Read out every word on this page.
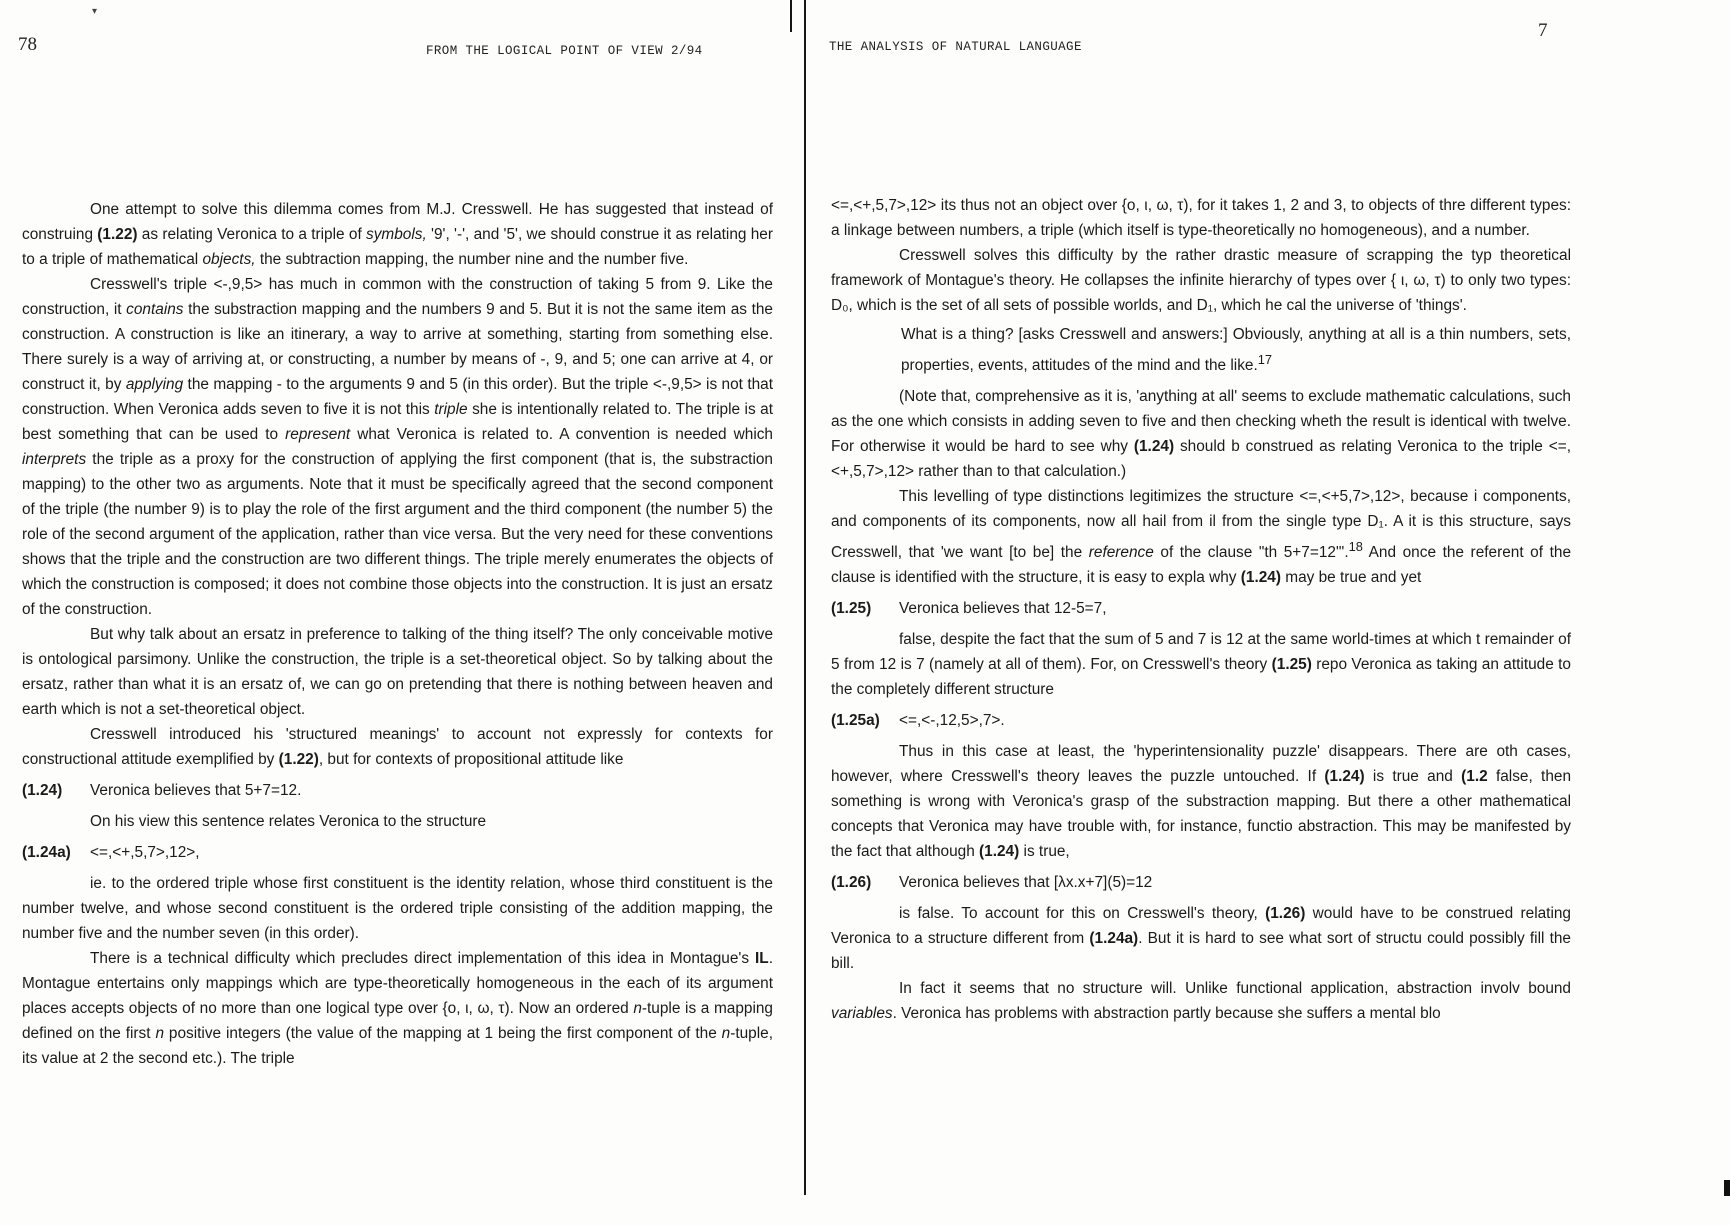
▾
78	FROM THE LOGICAL POINT OF VIEW 2/94

One attempt to solve this dilemma comes from M.J. Cresswell. He has suggested that instead of construing (1.22) as relating Veronica to a triple of symbols, '9', '-', and '5', we should construe it as relating her to a triple of mathematical objects, the subtraction mapping, the number nine and the number five.

Cresswell's triple <-,9,5> has much in common with the construction of taking 5 from 9. Like the construction, it contains the substraction mapping and the numbers 9 and 5. But it is not the same item as the construction. A construction is like an itinerary, a way to arrive at something, starting from something else. There surely is a way of arriving at, or constructing, a number by means of -, 9, and 5; one can arrive at 4, or construct it, by applying the mapping - to the arguments 9 and 5 (in this order). But the triple <-,9,5> is not that construction. When Veronica adds seven to five it is not this triple she is intentionally related to. The triple is at best something that can be used to represent what Veronica is related to. A convention is needed which interprets the triple as a proxy for the construction of applying the first component (that is, the substraction mapping) to the other two as arguments. Note that it must be specifically agreed that the second component of the triple (the number 9) is to play the role of the first argument and the third component (the number 5) the role of the second argument of the application, rather than vice versa. But the very need for these conventions shows that the triple and the construction are two different things. The triple merely enumerates the objects of which the construction is composed; it does not combine those objects into the construction. It is just an ersatz of the construction.

But why talk about an ersatz in preference to talking of the thing itself? The only conceivable motive is ontological parsimony. Unlike the construction, the triple is a set-theoretical object. So by talking about the ersatz, rather than what it is an ersatz of, we can go on pretending that there is nothing between heaven and earth which is not a set-theoretical object.

Cresswell introduced his 'structured meanings' to account not expressly for contexts for constructional attitude exemplified by (1.22), but for contexts of propositional attitude like

(1.24)	Veronica believes that 5+7=12.

On his view this sentence relates Veronica to the structure

(1.24a)	<=,<+,5,7>,12>,

ie. to the ordered triple whose first constituent is the identity relation, whose third constituent is the number twelve, and whose second constituent is the ordered triple consisting of the addition mapping, the number five and the number seven (in this order).

There is a technical difficulty which precludes direct implementation of this idea in Montague's IL. Montague entertains only mappings which are type-theoretically homogeneous in the each of its argument places accepts objects of no more than one logical type over {ο, ι, ω, τ). Now an ordered n-tuple is a mapping defined on the first n positive integers (the value of the mapping at 1 being the first component of the n-tuple, its value at 2 the second etc.). The triple

7
THE ANALYSIS OF NATURAL LANGUAGE

<=,<+,5,7>,12> its thus not an object over {ο, ι, ω, τ), for it takes 1, 2 and 3, to objects of thre different types: a linkage between numbers, a triple (which itself is type-theoretically no homogeneous), and a number.

Cresswell solves this difficulty by the rather drastic measure of scrapping the typ theoretical framework of Montague's theory. He collapses the infinite hierarchy of types over { ι, ω, τ) to only two types: D₀, which is the set of all sets of possible worlds, and D₁, which he cal the universe of 'things'.

What is a thing? [asks Cresswell and answers:] Obviously, anything at all is a thin numbers, sets, properties, events, attitudes of the mind and the like.$^{17}$

(Note that, comprehensive as it is, 'anything at all' seems to exclude mathematic calculations, such as the one which consists in adding seven to five and then checking wheth the result is identical with twelve. For otherwise it would be hard to see why (1.24) should b construed as relating Veronica to the triple <=,<+,5,7>,12> rather than to that calculation.)

This levelling of type distinctions legitimizes the structure <=,<+5,7>,12>, because i components, and components of its components, now all hail from il from the single type D₁. A it is this structure, says Cresswell, that 'we want [to be] the reference of the clause "th 5+7=12"'.$^{18}$ And once the referent of the clause is identified with the structure, it is easy to expla why (1.24) may be true and yet

(1.25)	Veronica believes that 12-5=7,

false, despite the fact that the sum of 5 and 7 is 12 at the same world-times at which t remainder of 5 from 12 is 7 (namely at all of them). For, on Cresswell's theory (1.25) repo Veronica as taking an attitude to the completely different structure

(1.25a)	<=,<-,12,5>,7>.

Thus in this case at least, the 'hyperintensionality puzzle' disappears. There are oth cases, however, where Cresswell's theory leaves the puzzle untouched. If (1.24) is true and (1.2 false, then something is wrong with Veronica's grasp of the substraction mapping. But there a other mathematical concepts that Veronica may have trouble with, for instance, functio abstraction. This may be manifested by the fact that although (1.24) is true,

(1.26)	Veronica believes that [λx.x+7](5)=12

is false. To account for this on Cresswell's theory, (1.26) would have to be construed relating Veronica to a structure different from (1.24a). But it is hard to see what sort of structu could possibly fill the bill.

In fact it seems that no structure will. Unlike functional application, abstraction involv bound variables. Veronica has problems with abstraction partly because she suffers a mental blo
